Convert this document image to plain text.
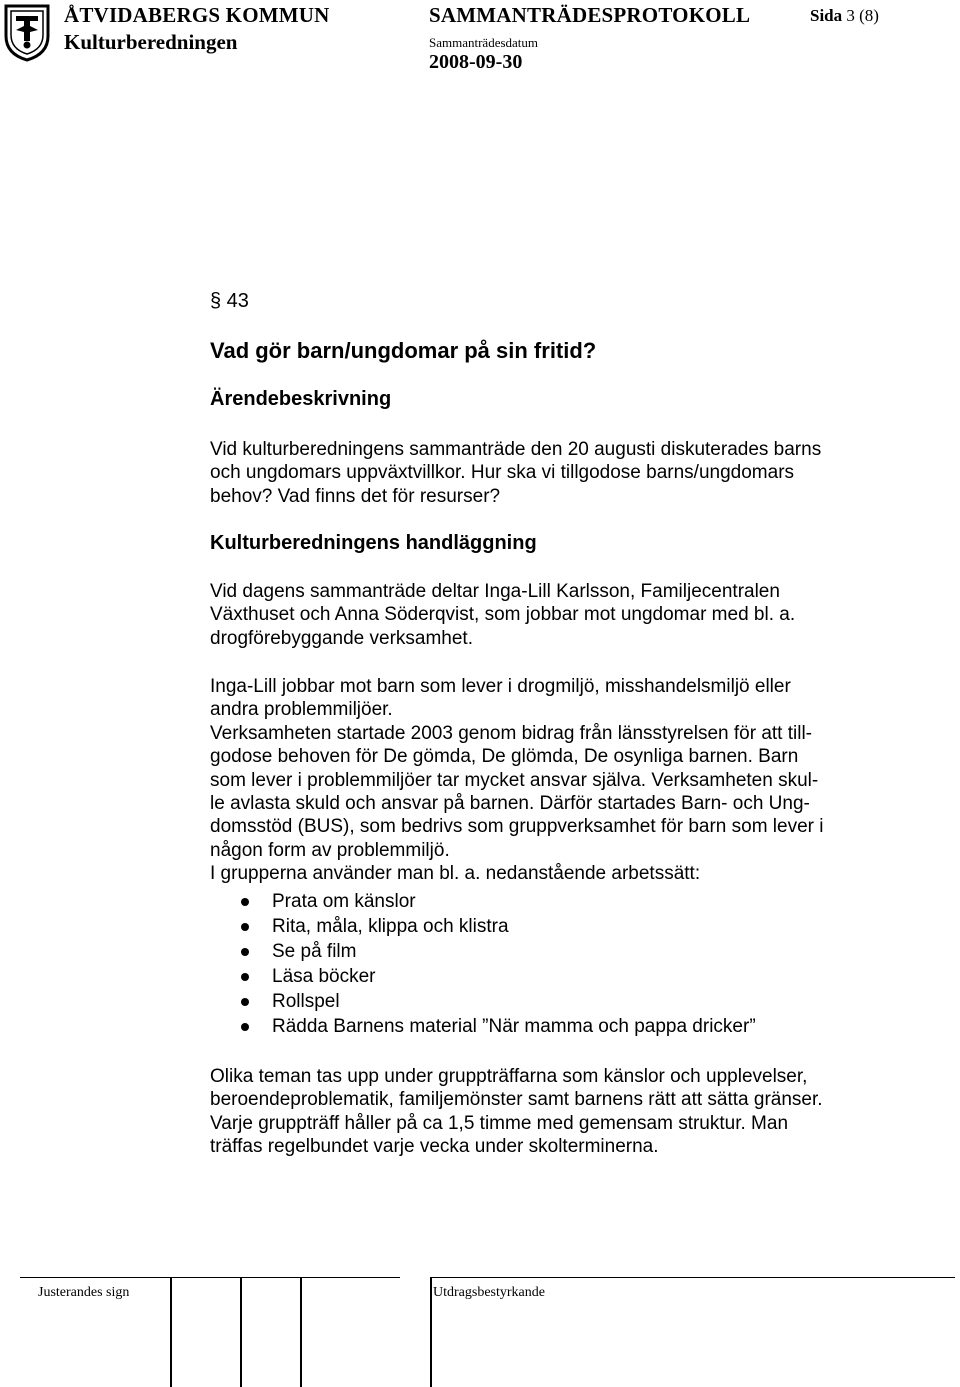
ÅTVIDABERGS KOMMUN
Kulturberedningen
SAMMANTRÄDESPROTOKOLL	Sida 3 (8)
Sammanträdesdatum
2008-09-30
§ 43
Vad gör barn/ungdomar på sin fritid?
Ärendebeskrivning
Vid kulturberedningens sammanträde den 20 augusti diskuterades barns
och ungdomars uppväxtvillkor. Hur ska vi tillgodose barns/ungdomars
behov? Vad finns det för resurser?
Kulturberedningens handläggning
Vid dagens sammanträde deltar Inga-Lill Karlsson, Familjecentralen
Växthuset och Anna Söderqvist, som jobbar mot ungdomar med bl. a.
drogförebyggande verksamhet.
Inga-Lill jobbar mot barn som lever i drogmiljö, misshandelsmiljö eller
andra problemmiljöer.
Verksamheten startade 2003 genom bidrag från länsstyrelsen för att till-
godose behoven för De gömda, De glömda, De osynliga barnen. Barn
som lever i problemmiljöer tar mycket ansvar själva. Verksamheten skul-
le avlasta skuld och ansvar på barnen. Därför startades Barn- och Ung-
domsstöd (BUS), som bedrivs som gruppverksamhet för barn som lever i
någon form av problemmiljö.
I grupperna använder man bl. a. nedanstående arbetssätt:
Prata om känslor
Rita, måla, klippa och klistra
Se på film
Läsa böcker
Rollspel
Rädda Barnens material ”När mamma och pappa dricker”
Olika teman tas upp under gruppträffarna som känslor och upplevelser,
beroendeproblematik, familjemönster samt barnens rätt att sätta gränser.
Varje gruppträff håller på ca 1,5 timme med gemensam struktur. Man
träffas regelbundet varje vecka under skolterminerna.
Justerandes sign	Utdragsbestyrkande
